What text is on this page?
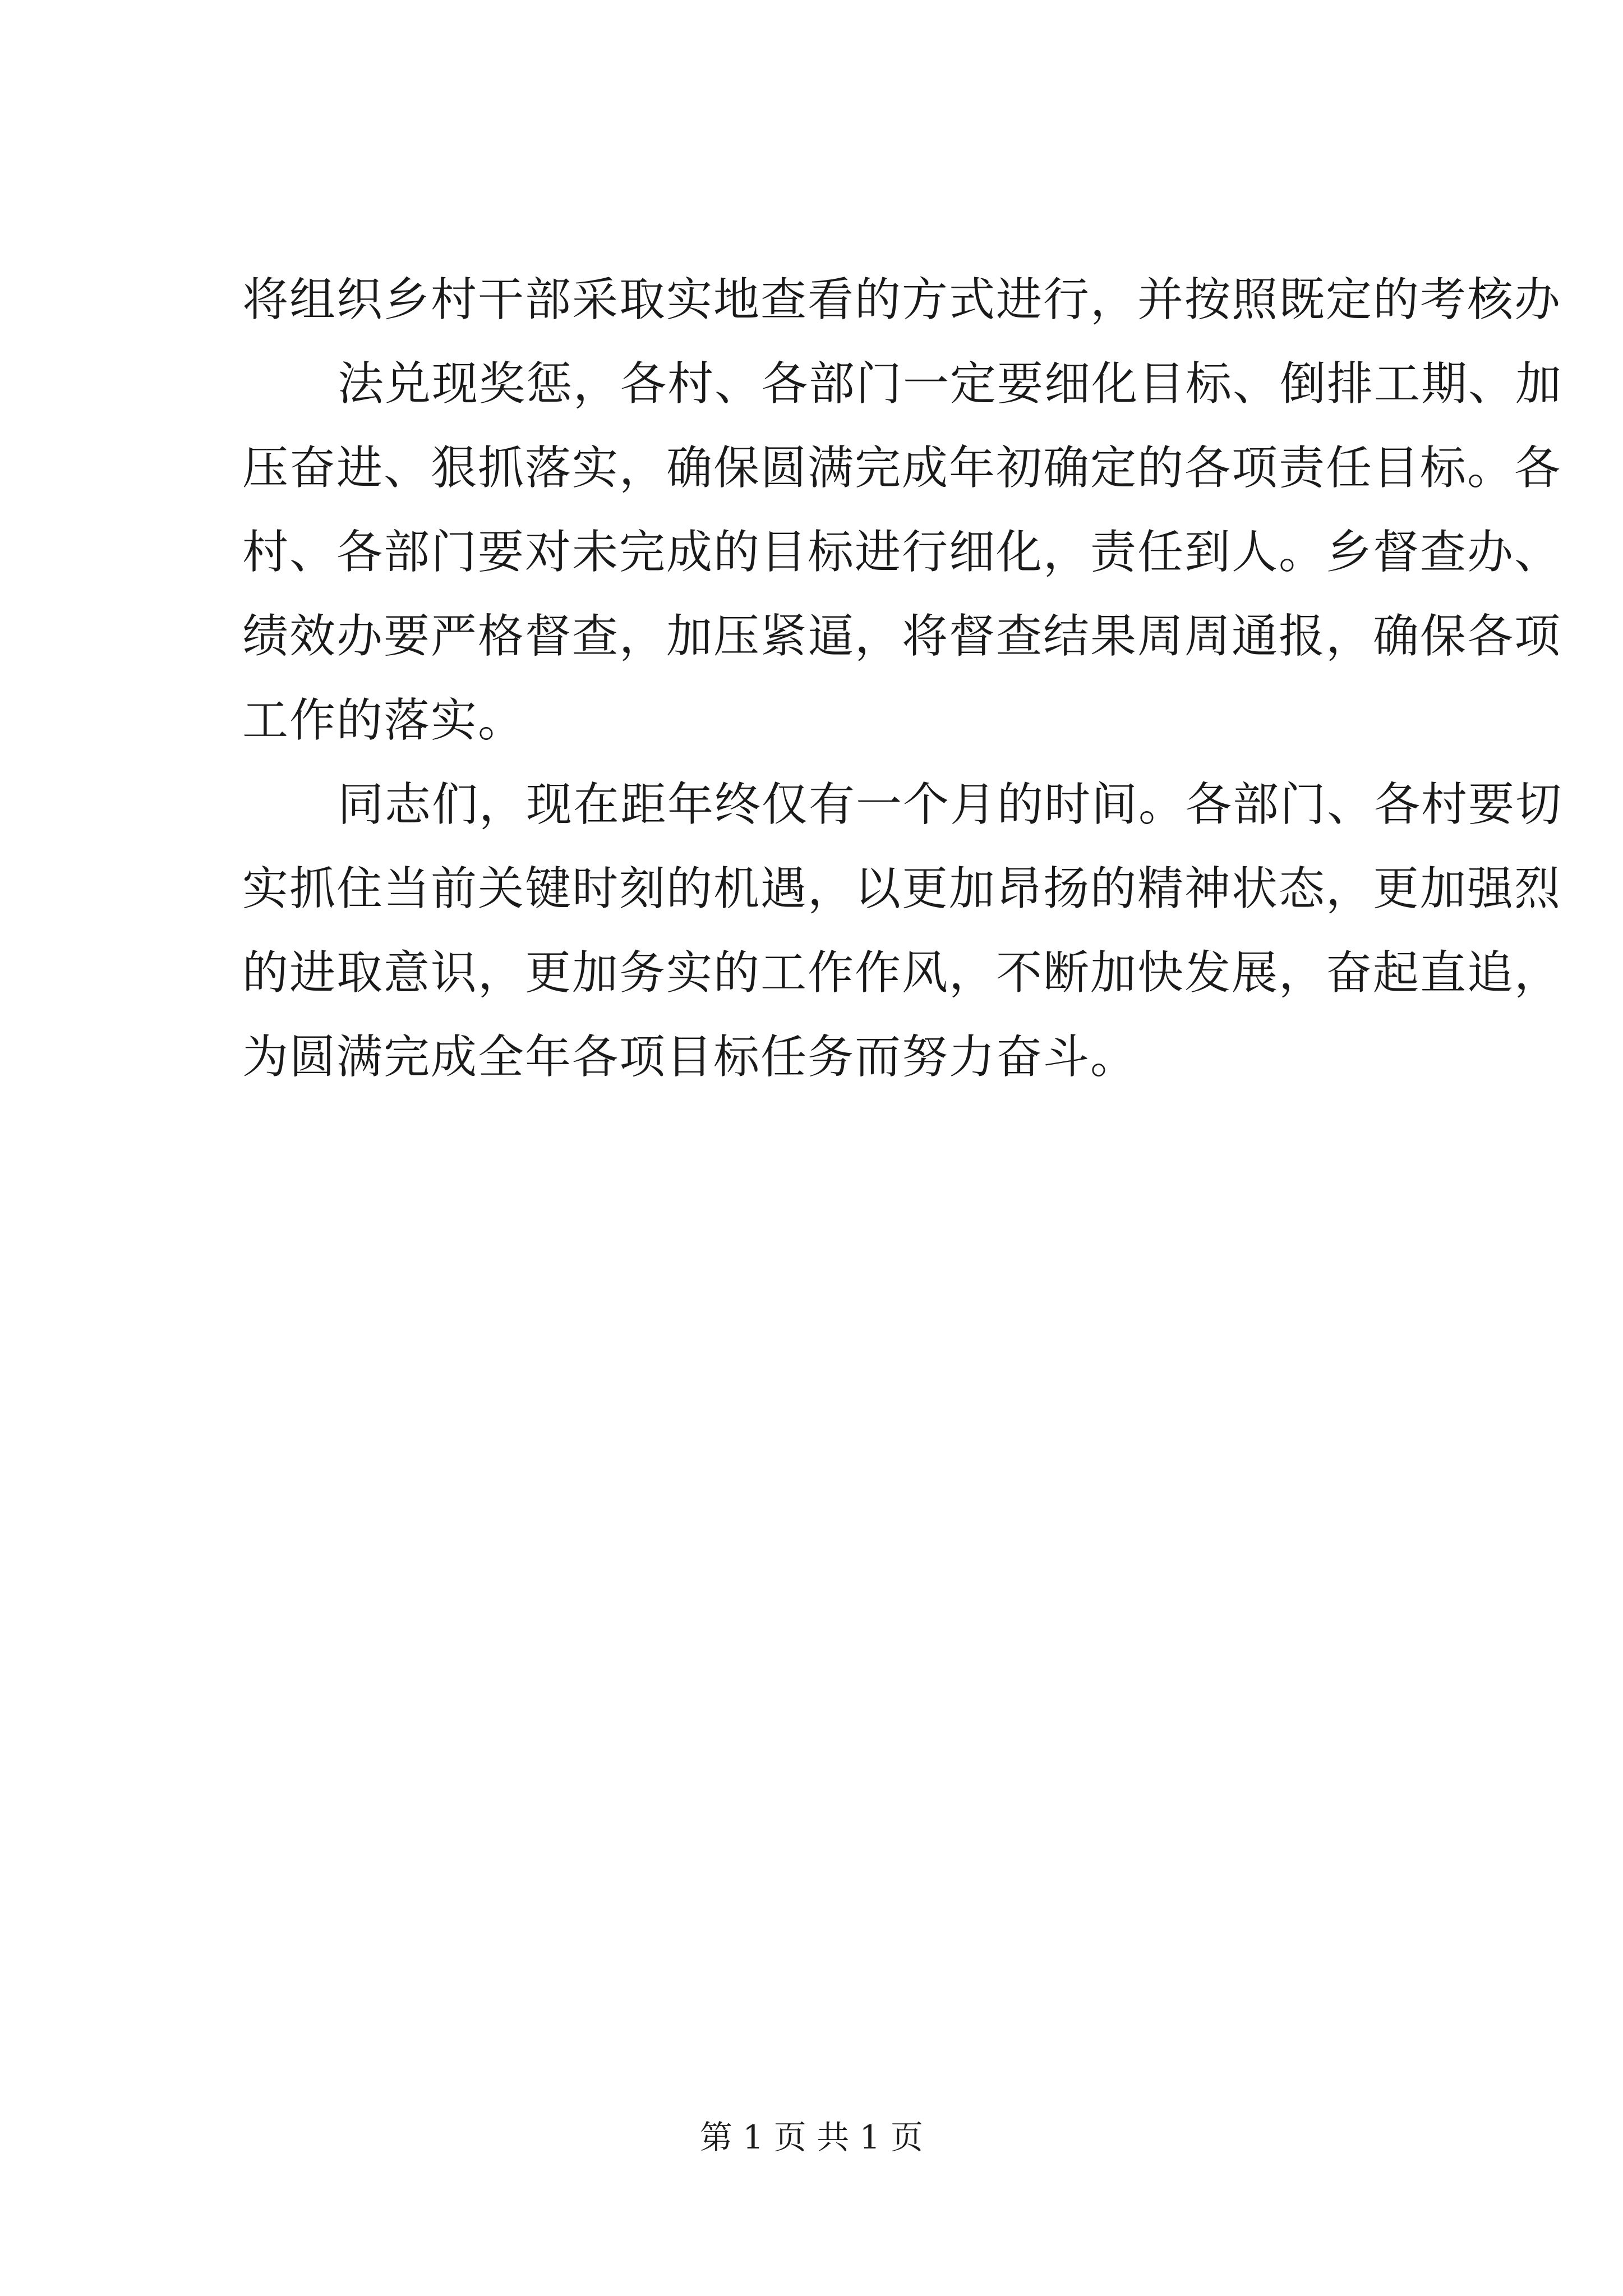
将组织乡村干部采取实地查看的方式进行，并按照既定的考核办
法兑现奖惩，各村、各部门一定要细化目标、倒排工期、加
压奋进、狠抓落实，确保圆满完成年初确定的各项责任目标。各
村、各部门要对未完成的目标进行细化，责任到人。乡督查办、
绩效办要严格督查，加压紧逼，将督查结果周周通报，确保各项
工作的落实。
同志们，现在距年终仅有一个月的时间。各部门、各村要切
实抓住当前关键时刻的机遇，以更加昂扬的精神状态，更加强烈
的进取意识，更加务实的工作作风，不断加快发展，奋起直追，
为圆满完成全年各项目标任务而努力奋斗。
第 1 页 共 1 页
